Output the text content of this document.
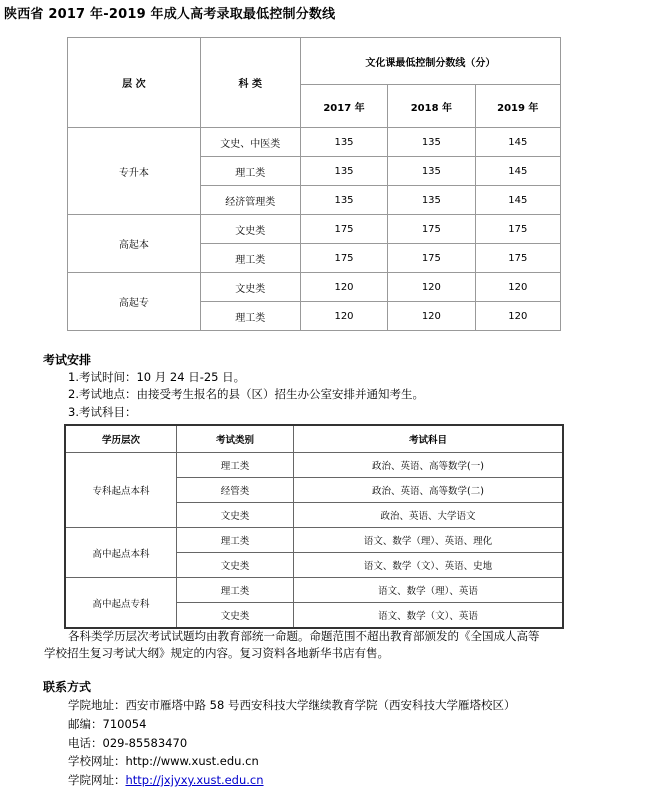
陕西省 2017 年-2019 年成人高考录取最低控制分数线
层 次	科 类	文化课最低控制分数线（分）		
		2017 年	2018 年	2019 年
专升本	文史、中医类	135	135	145
	理工类	135	135	145
	经济管理类	135	135	145
高起本	文史类	175	175	175
	理工类	175	175	175
高起专	文史类	120	120	120
	理工类	120	120	120
考试安排
1.考试时间：10 月 24 日-25 日。
2.考试地点：由接受考生报名的县（区）招生办公室安排并通知考生。
3.考试科目：
学历层次	考试类别	考试科目
专科起点本科	理工类	政治、英语、高等数学(一)
	经管类	政治、英语、高等数学(二)
	文史类	政治、英语、大学语文
高中起点本科	理工类	语文、数学（理）、英语、理化
	文史类	语文、数学（文）、英语、史地
高中起点专科	理工类	语文、数学（理）、英语
	文史类	语文、数学（文）、英语
各科类学历层次考试试题均由教育部统一命题。命题范围不超出教育部颁发的《全国成人高等
学校招生复习考试大纲》规定的内容。复习资料各地新华书店有售。
联系方式
学院地址：西安市雁塔中路 58 号西安科技大学继续教育学院（西安科技大学雁塔校区）
邮编：710054
电话：029-85583470
学校网址：http://www.xust.edu.cn
学院网址：http://jxjyxy.xust.edu.cn
